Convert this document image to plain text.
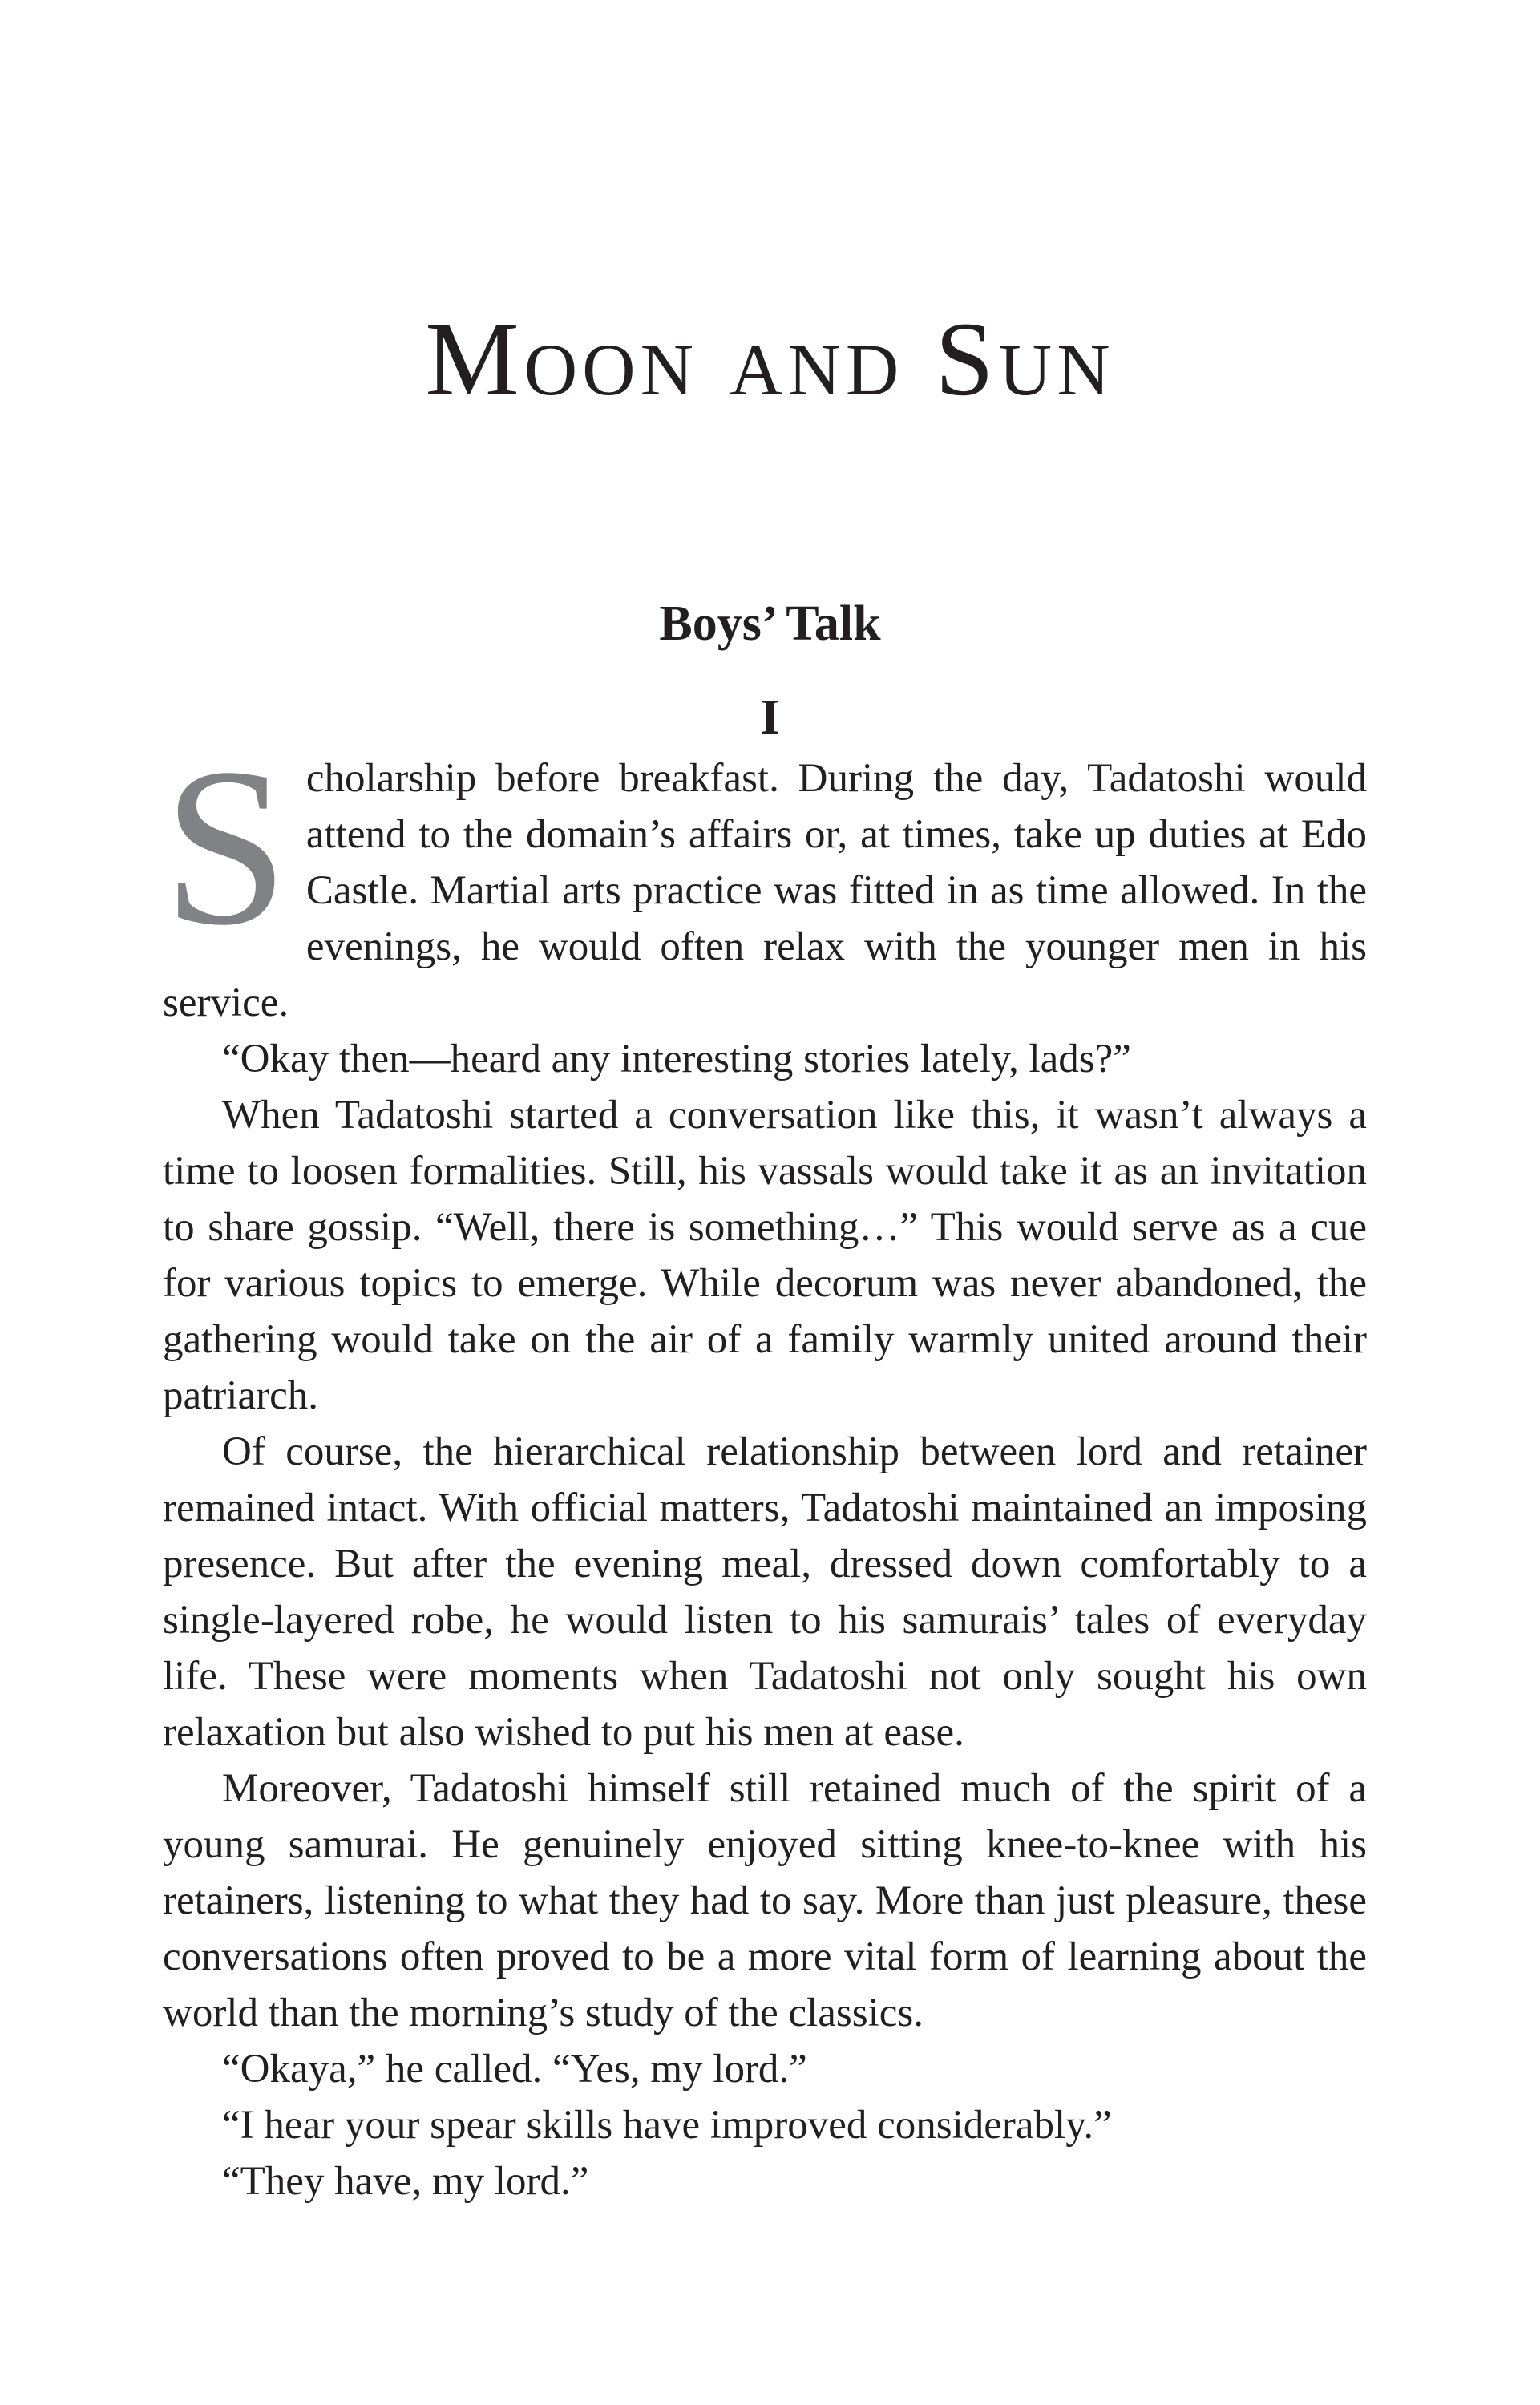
Moon and Sun
Boys’ Talk
I

Scholarship before breakfast. During the day, Tadatoshi would attend to the domain’s affairs or, at times, take up duties at Edo Castle. Martial arts practice was fitted in as time allowed. In the evenings, he would often relax with the younger men in his service.

“Okay then—heard any interesting stories lately, lads?”

When Tadatoshi started a conversation like this, it wasn’t always a time to loosen formalities. Still, his vassals would take it as an invitation to share gossip. “Well, there is something…” This would serve as a cue for various topics to emerge. While decorum was never abandoned, the gathering would take on the air of a family warmly united around their patriarch.

Of course, the hierarchical relationship between lord and retainer remained intact. With official matters, Tadatoshi maintained an imposing presence. But after the evening meal, dressed down comfortably to a single-layered robe, he would listen to his samurais’ tales of everyday life. These were moments when Tadatoshi not only sought his own relaxation but also wished to put his men at ease.

Moreover, Tadatoshi himself still retained much of the spirit of a young samurai. He genuinely enjoyed sitting knee-to-knee with his retainers, listening to what they had to say. More than just pleasure, these conversations often proved to be a more vital form of learning about the world than the morning’s study of the classics.

“Okaya,” he called. “Yes, my lord.”

“I hear your spear skills have improved considerably.”

“They have, my lord.”
